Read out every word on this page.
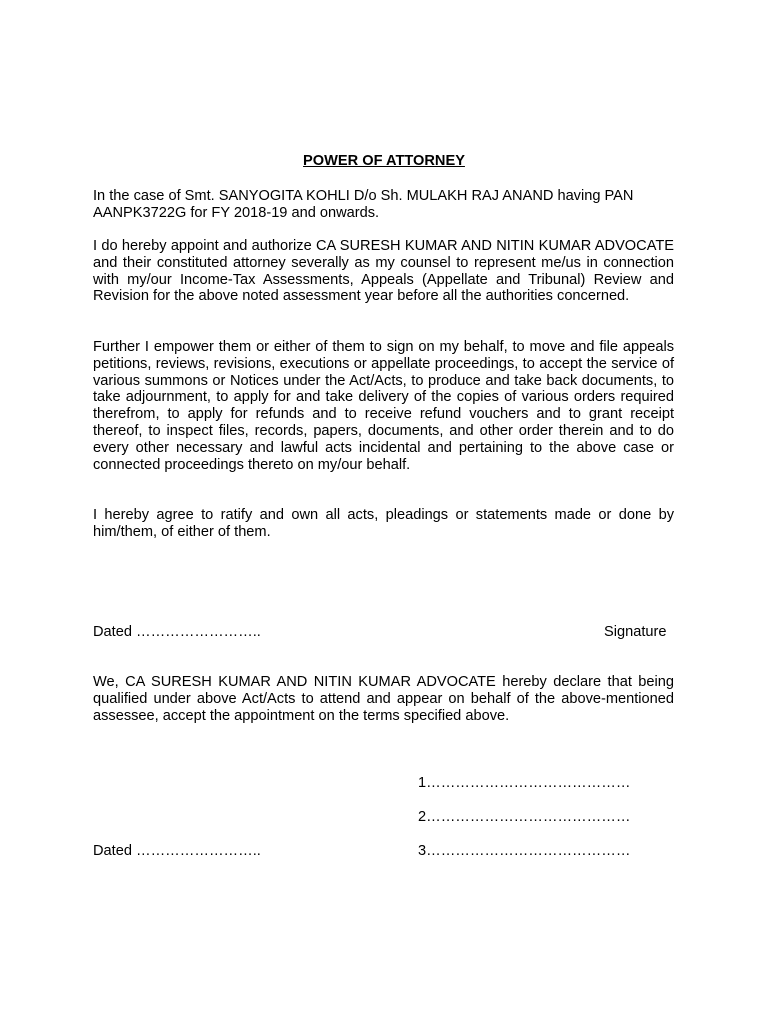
POWER OF ATTORNEY

In the case of Smt. SANYOGITA KOHLI D/o Sh. MULAKH RAJ ANAND having PAN AANPK3722G for FY 2018-19 and onwards.

I do hereby appoint and authorize CA SURESH KUMAR AND NITIN KUMAR ADVOCATE and their constituted attorney severally as my counsel to represent me/us in connection with my/our Income-Tax Assessments, Appeals (Appellate and Tribunal) Review and Revision for the above noted assessment year before all the authorities concerned.

Further I empower them or either of them to sign on my behalf, to move and file appeals petitions, reviews, revisions, executions or appellate proceedings, to accept the service of various summons or Notices under the Act/Acts, to produce and take back documents, to take adjournment, to apply for and take delivery of the copies of various orders required therefrom, to apply for refunds and to receive refund vouchers and to grant receipt thereof, to inspect files, records, papers, documents, and other order therein and to do every other necessary and lawful acts incidental and pertaining to the above case or connected proceedings thereto on my/our behalf.

I hereby agree to ratify and own all acts, pleadings or statements made or done by him/them, of either of them.

Dated ……………………..	Signature

We, CA SURESH KUMAR AND NITIN KUMAR ADVOCATE hereby declare that being qualified under above Act/Acts to attend and appear on behalf of the above-mentioned assessee, accept the appointment on the terms specified above.

1……………………………………
2……………………………………
Dated ……………………..	3……………………………………
